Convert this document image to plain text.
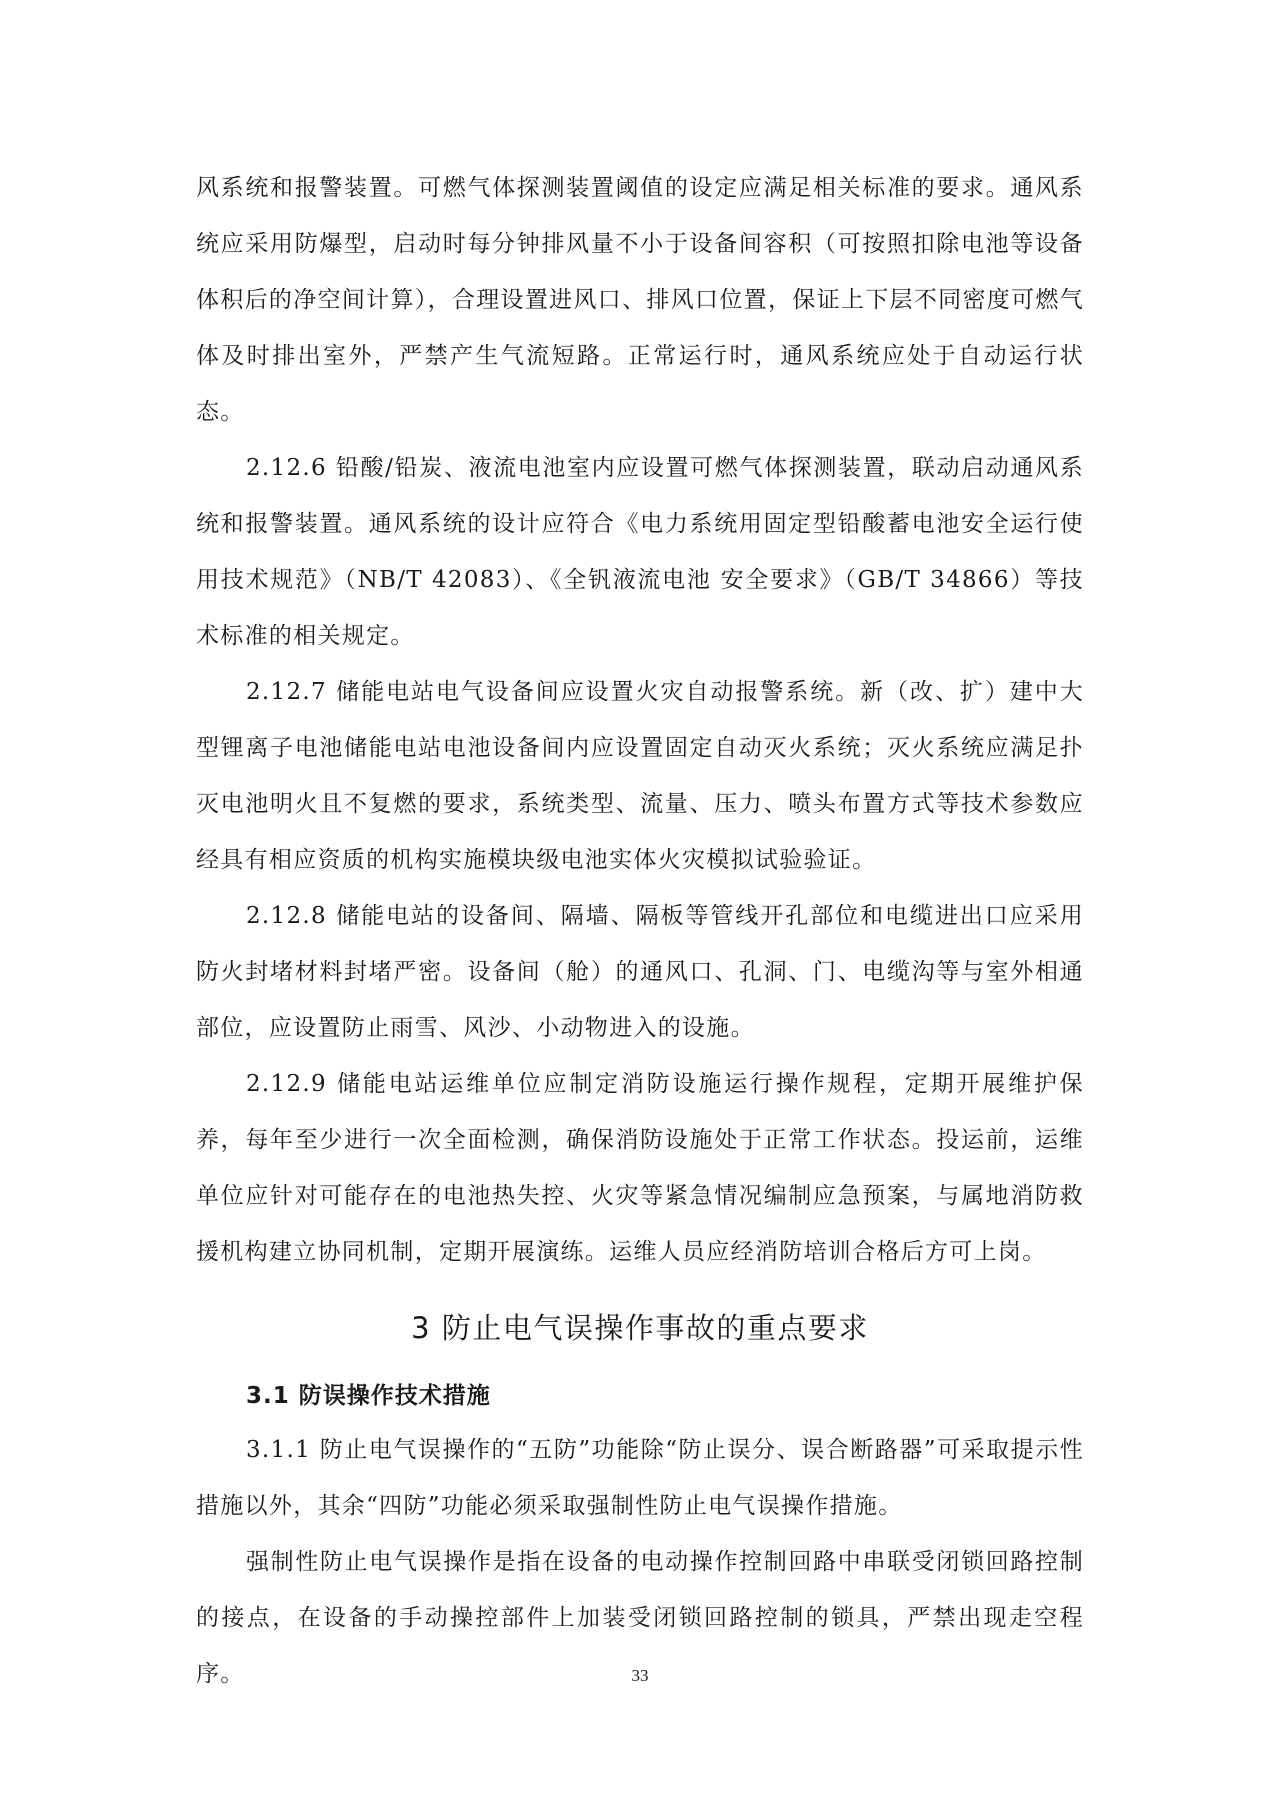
风系统和报警装置。可燃气体探测装置阈值的设定应满足相关标准的要求。通风系统应采用防爆型，启动时每分钟排风量不小于设备间容积（可按照扣除电池等设备体积后的净空间计算），合理设置进风口、排风口位置，保证上下层不同密度可燃气体及时排出室外，严禁产生气流短路。正常运行时，通风系统应处于自动运行状态。

2.12.6 铅酸/铅炭、液流电池室内应设置可燃气体探测装置，联动启动通风系统和报警装置。通风系统的设计应符合《电力系统用固定型铅酸蓄电池安全运行使用技术规范》（NB/T 42083）、《全钒液流电池 安全要求》（GB/T 34866）等技术标准的相关规定。

2.12.7 储能电站电气设备间应设置火灾自动报警系统。新（改、扩）建中大型锂离子电池储能电站电池设备间内应设置固定自动灭火系统；灭火系统应满足扑灭电池明火且不复燃的要求，系统类型、流量、压力、喷头布置方式等技术参数应经具有相应资质的机构实施模块级电池实体火灾模拟试验验证。

2.12.8 储能电站的设备间、隔墙、隔板等管线开孔部位和电缆进出口应采用防火封堵材料封堵严密。设备间（舱）的通风口、孔洞、门、电缆沟等与室外相通部位，应设置防止雨雪、风沙、小动物进入的设施。

2.12.9 储能电站运维单位应制定消防设施运行操作规程，定期开展维护保养，每年至少进行一次全面检测，确保消防设施处于正常工作状态。投运前，运维单位应针对可能存在的电池热失控、火灾等紧急情况编制应急预案，与属地消防救援机构建立协同机制，定期开展演练。运维人员应经消防培训合格后方可上岗。

3 防止电气误操作事故的重点要求
3.1 防误操作技术措施

3.1.1 防止电气误操作的“五防”功能除“防止误分、误合断路器”可采取提示性措施以外，其余“四防”功能必须采取强制性防止电气误操作措施。

强制性防止电气误操作是指在设备的电动操作控制回路中串联受闭锁回路控制的接点，在设备的手动操控部件上加装受闭锁回路控制的锁具，严禁出现走空程序。	33
